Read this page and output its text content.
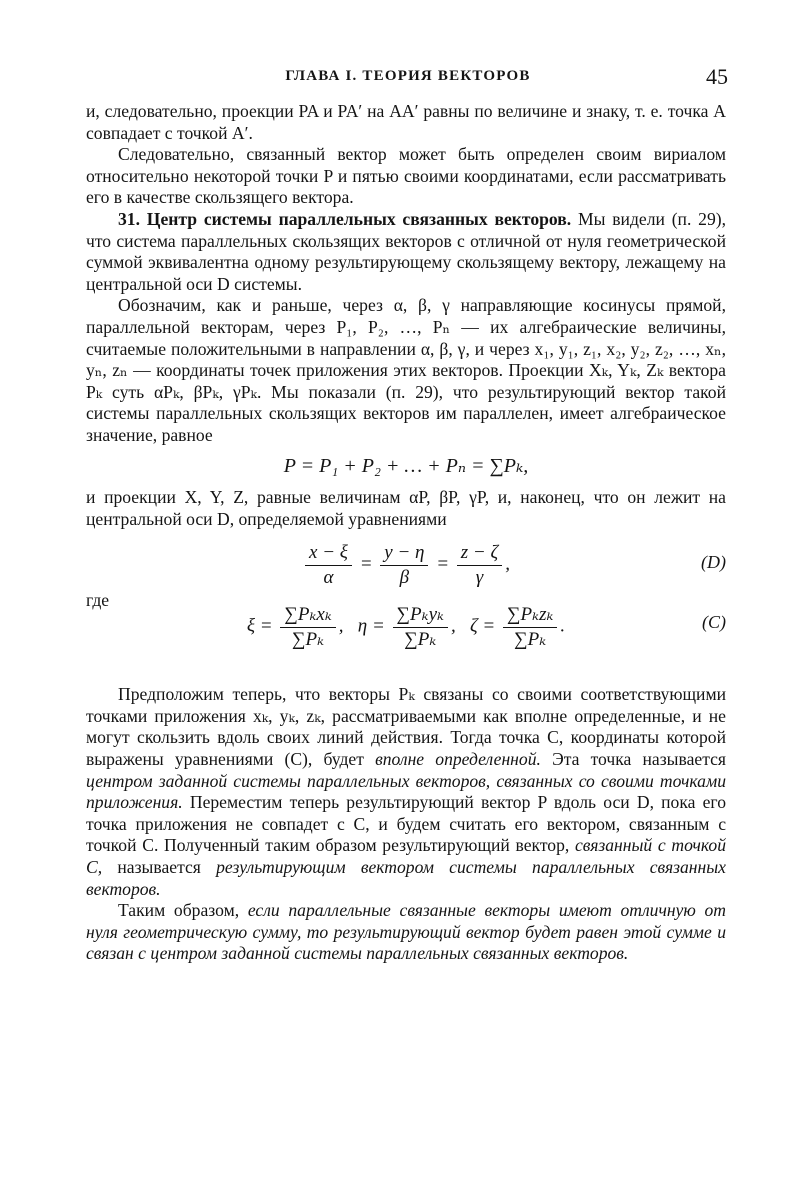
ГЛАВА I. ТЕОРИЯ ВЕКТОРОВ	45

и, следовательно, проекции PA и PA′ на AA′ равны по величине и знаку, т. е. точка A совпадает с точкой A′.

Следовательно, связанный вектор может быть определен своим вириалом относительно некоторой точки P и пятью своими координатами, если рассматривать его в качестве скользящего вектора.

31. Центр системы параллельных связанных векторов. Мы видели (п. 29), что система параллельных скользящих векторов с отличной от нуля геометрической суммой эквивалентна одному результирующему скользящему вектору, лежащему на центральной оси D системы.

Обозначим, как и раньше, через α, β, γ направляющие косинусы прямой, параллельной векторам, через P₁, P₂, …, Pₙ — их алгебраические величины, считаемые положительными в направлении α, β, γ, и через x₁, y₁, z₁, x₂, y₂, z₂, …, xₙ, yₙ, zₙ — координаты точек приложения этих векторов. Проекции Xₖ, Yₖ, Zₖ вектора Pₖ суть αPₖ, βPₖ, γPₖ. Мы показали (п. 29), что результирующий вектор такой системы параллельных скользящих векторов им параллелен, имеет алгебраическое значение, равное

P = P₁ + P₂ + … + Pₙ = ∑Pₖ,

и проекции X, Y, Z, равные величинам αP, βP, γP, и, наконец, что он лежит на центральной оси D, определяемой уравнениями

$\frac{x - \xi}{\alpha} = \frac{y - \eta}{\beta} = \frac{z - \zeta}{\gamma}$ ,	(D)
где
$\xi = \frac{\text{∑Pₖxₖ}}{\text{∑Pₖ}}$ ,   $\eta = \frac{\text{∑Pₖyₖ}}{\text{∑Pₖ}}$ ,   $\zeta = \frac{\text{∑Pₖzₖ}}{\text{∑Pₖ}}$ .	(C)

Предположим теперь, что векторы Pₖ связаны со своими соответствующими точками приложения xₖ, yₖ, zₖ, рассматриваемыми как вполне определенные, и не могут скользить вдоль своих линий действия. Тогда точка C, координаты которой выражены уравнениями (C), будет вполне определенной. Эта точка называется центром заданной системы параллельных векторов, связанных со своими точками приложения. Переместим теперь результирующий вектор P вдоль оси D, пока его точка приложения не совпадет с C, и будем считать его вектором, связанным с точкой C. Полученный таким образом результирующий вектор, связанный с точкой C, называется результирующим вектором системы параллельных связанных векторов.

Таким образом, если параллельные связанные векторы имеют отличную от нуля геометрическую сумму, то результирующий вектор будет равен этой сумме и связан с центром заданной системы параллельных связанных векторов.
